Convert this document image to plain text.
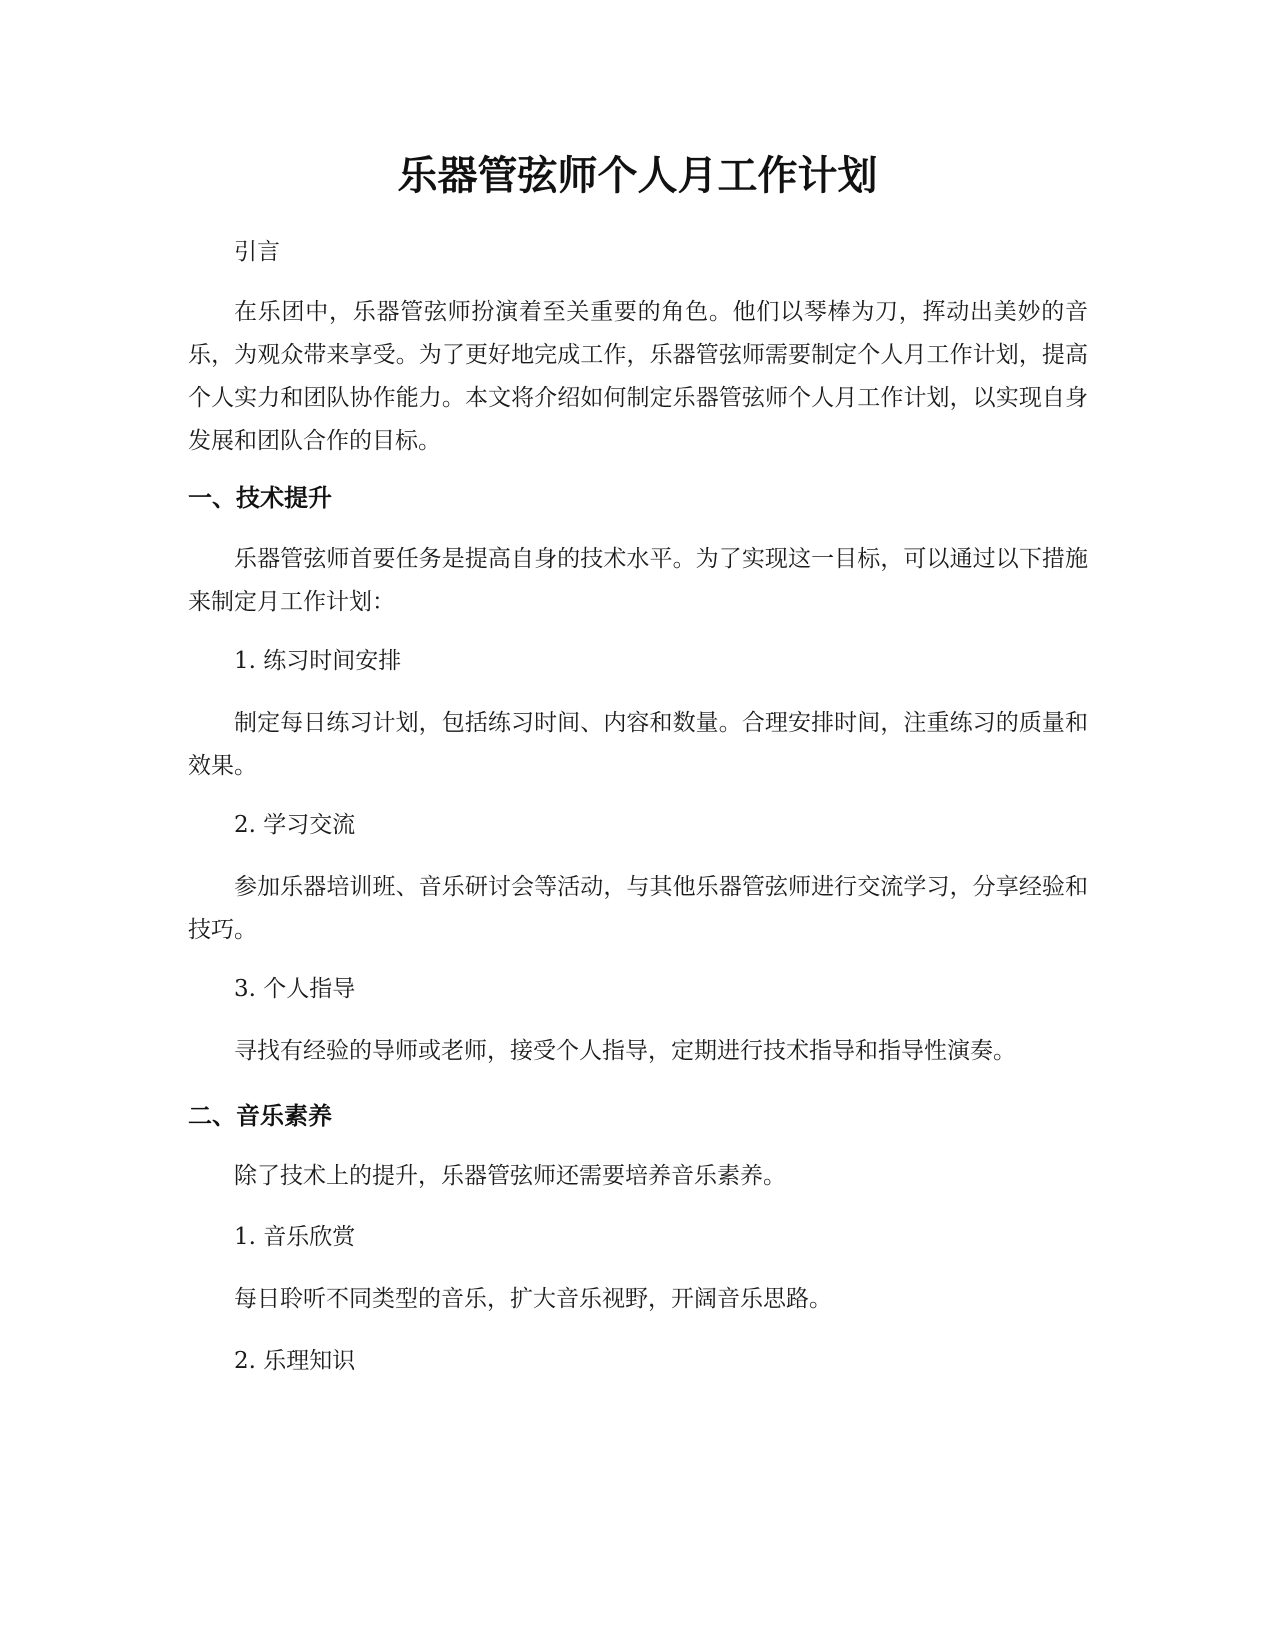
乐器管弦师个人月工作计划

引言

在乐团中，乐器管弦师扮演着至关重要的角色。他们以琴棒为刀，挥动出美妙的音乐，为观众带来享受。为了更好地完成工作，乐器管弦师需要制定个人月工作计划，提高个人实力和团队协作能力。本文将介绍如何制定乐器管弦师个人月工作计划，以实现自身发展和团队合作的目标。

一、技术提升

乐器管弦师首要任务是提高自身的技术水平。为了实现这一目标，可以通过以下措施来制定月工作计划：

1. 练习时间安排

制定每日练习计划，包括练习时间、内容和数量。合理安排时间，注重练习的质量和效果。

2. 学习交流

参加乐器培训班、音乐研讨会等活动，与其他乐器管弦师进行交流学习，分享经验和技巧。

3. 个人指导

寻找有经验的导师或老师，接受个人指导，定期进行技术指导和指导性演奏。

二、音乐素养

除了技术上的提升，乐器管弦师还需要培养音乐素养。

1. 音乐欣赏

每日聆听不同类型的音乐，扩大音乐视野，开阔音乐思路。

2. 乐理知识
